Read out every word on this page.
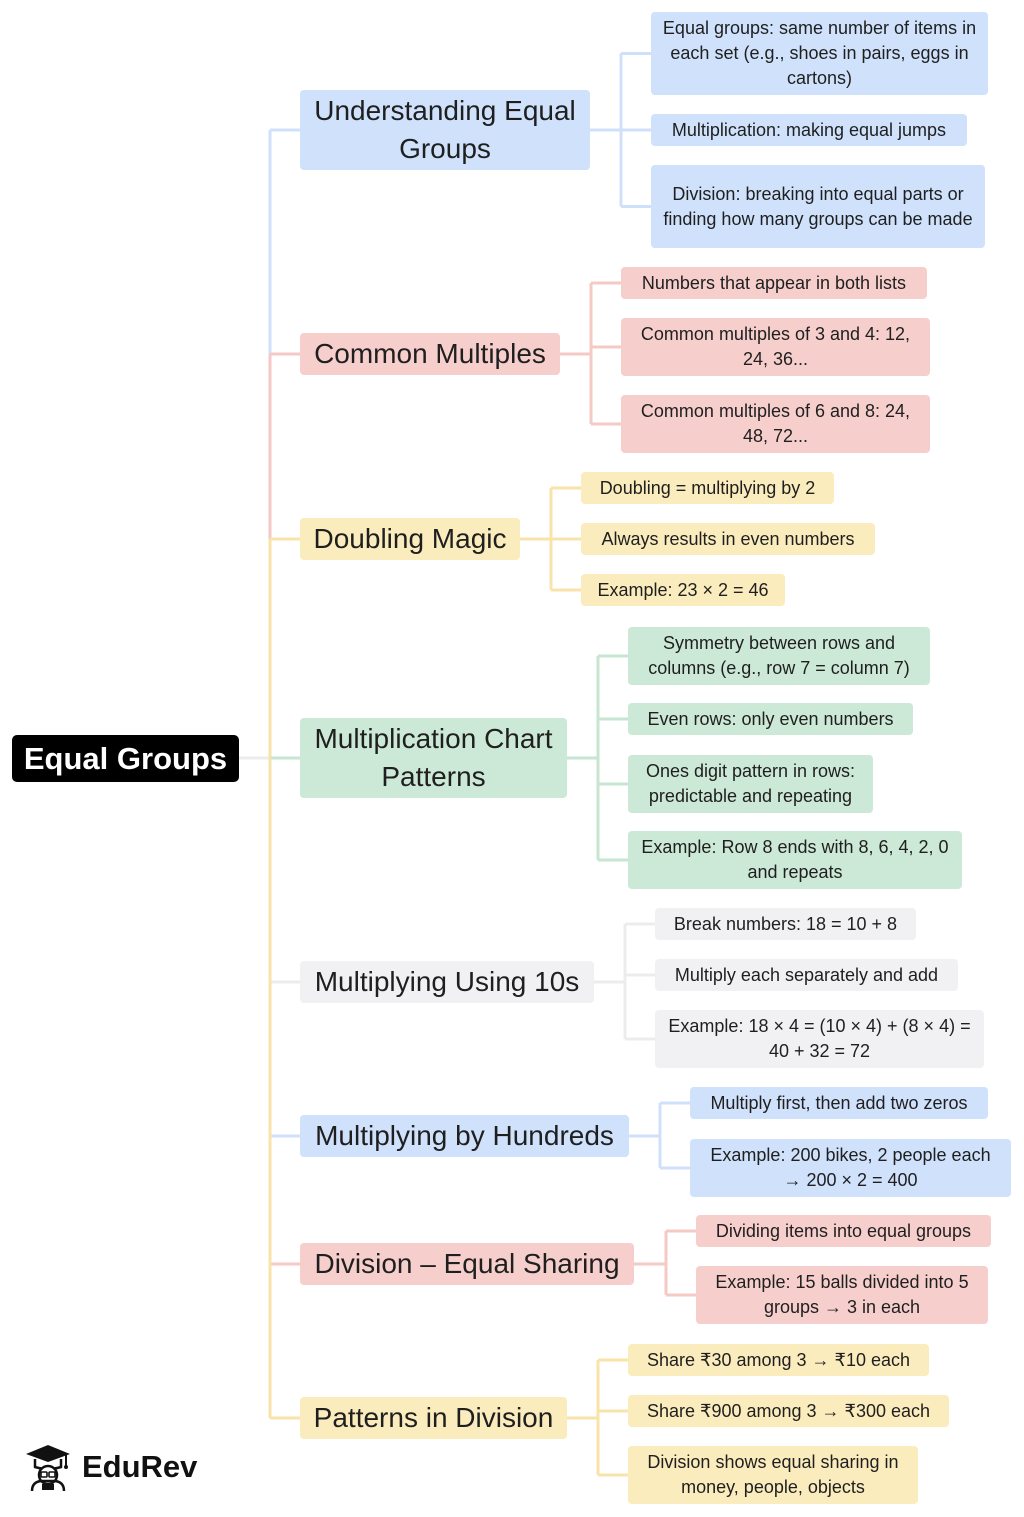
Equal Groups
Understanding Equal Groups
Equal groups: same number of items in each set (e.g., shoes in pairs, eggs in cartons)
Multiplication: making equal jumps
Division: breaking into equal parts or finding how many groups can be made
Common Multiples
Numbers that appear in both lists
Common multiples of 3 and 4: 12, 24, 36...
Common multiples of 6 and 8: 24, 48, 72...
Doubling Magic
Doubling = multiplying by 2
Always results in even numbers
Example: 23 × 2 = 46
Multiplication Chart Patterns
Symmetry between rows and columns (e.g., row 7 = column 7)
Even rows: only even numbers
Ones digit pattern in rows: predictable and repeating
Example: Row 8 ends with 8, 6, 4, 2, 0 and repeats
Multiplying Using 10s
Break numbers: 18 = 10 + 8
Multiply each separately and add
Example: 18 × 4 = (10 × 4) + (8 × 4) = 40 + 32 = 72
Multiplying by Hundreds
Multiply first, then add two zeros
Example: 200 bikes, 2 people each → 200 × 2 = 400
Division – Equal Sharing
Dividing items into equal groups
Example: 15 balls divided into 5 groups → 3 in each
Patterns in Division
Share ₹30 among 3 → ₹10 each
Share ₹900 among 3 → ₹300 each
Division shows equal sharing in money, people, objects
EduRev
